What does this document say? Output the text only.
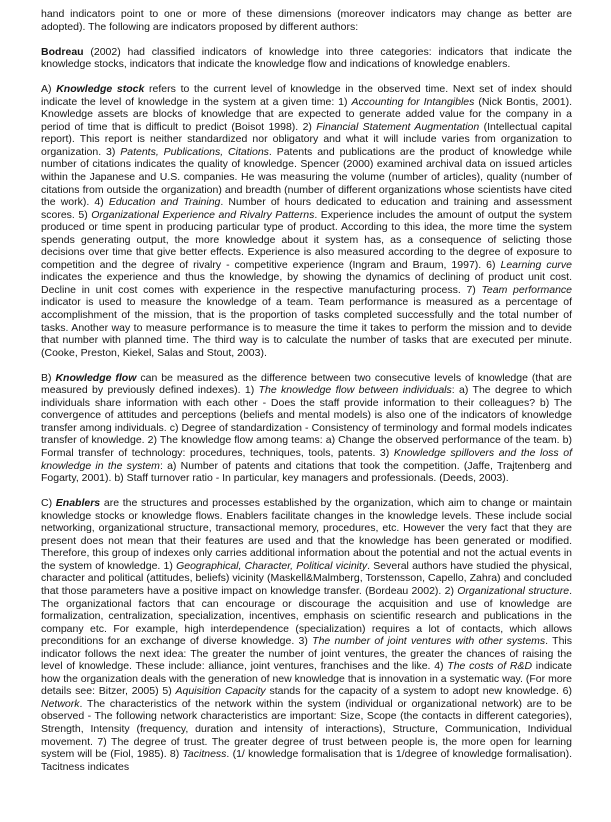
hand indicators point to one or more of these dimensions (moreover indicators may change as better are adopted). The following are indicators proposed by different authors:

Bodreau (2002) had classified indicators of knowledge into three categories: indicators that indicate the knowledge stocks, indicators that indicate the knowledge flow and indications of knowledge enablers.

A) Knowledge stock refers to the current level of knowledge in the observed time. Next set of index should indicate the level of knowledge in the system at a given time: 1) Accounting for Intangibles (Nick Bontis, 2001). Knowledge assets are blocks of knowledge that are expected to generate added value for the company in a period of time that is difficult to predict (Boisot 1998). 2) Financial Statement Augmentation (Intellectual capital report). This report is neither standardized nor obligatory and what it will include varies from organization to organization. 3) Patents, Publications, Citations. Patents and publications are the product of knowledge while number of citations indicates the quality of knowledge. Spencer (2000) examined archival data on issued articles within the Japanese and U.S. companies. He was measuring the volume (number of articles), quality (number of citations from outside the organization) and breadth (number of different organizations whose scientists have cited the work). 4) Education and Training. Number of hours dedicated to education and training and assessment scores. 5) Organizational Experience and Rivalry Patterns. Experience includes the amount of output the system produced or time spent in producing particular type of product. According to this idea, the more time the system spends generating output, the more knowledge about it system has, as a consequence of selicting those decisions over time that give better effects. Experience is also measured according to the degree of exposure to competition and the degree of rivalry - competitive experience (Ingram and Braum, 1997). 6) Learning curve indicates the experience and thus the knowledge, by showing the dynamics of declining of product unit cost. Decline in unit cost comes with experience in the respective manufacturing process. 7) Team performance indicator is used to measure the knowledge of a team. Team performance is measured as a percentage of accomplishment of the mission, that is the proportion of tasks completed successfully and the total number of tasks. Another way to measure performance is to measure the time it takes to perform the mission and to devide that number with planned time. The third way is to calculate the number of tasks that are executed per minute. (Cooke, Preston, Kiekel, Salas and Stout, 2003).

B) Knowledge flow can be measured as the difference between two consecutive levels of knowledge (that are measured by previously defined indexes). 1) The knowledge flow between individuals: a) The degree to which individuals share information with each other - Does the staff provide information to their colleagues? b) The convergence of attitudes and perceptions (beliefs and mental models) is also one of the indicators of knowledge transfer among individuals. c) Degree of standardization - Consistency of terminology and formal models indicates transfer of knowledge. 2) The knowledge flow among teams: a) Change the observed performance of the team. b) Formal transfer of technology: procedures, techniques, tools, patents. 3) Knowledge spillovers and the loss of knowledge in the system: a) Number of patents and citations that took the competition. (Jaffe, Trajtenberg and Fogarty, 2001). b) Staff turnover ratio - In particular, key managers and professionals. (Deeds, 2003).

C) Enablers are the structures and processes established by the organization, which aim to change or maintain knowledge stocks or knowledge flows. Enablers facilitate changes in the knowledge levels. These include social networking, organizational structure, transactional memory, procedures, etc. However the very fact that they are present does not mean that their features are used and that the knowledge has been generated or modified. Therefore, this group of indexes only carries additional information about the potential and not the actual events in the system of knowledge. 1) Geographical, Character, Political vicinity. Several authors have studied the physical, character and political (attitudes, beliefs) vicinity (Maskell&Malmberg, Torstensson, Capello, Zahra) and concluded that those parameters have a positive impact on knowledge transfer. (Bordeau 2002). 2) Organizational structure. The organizational factors that can encourage or discourage the acquisition and use of knowledge are formalization, centralization, specialization, incentives, emphasis on scientific research and publications in the company etc. For example, high interdependence (specialization) requires a lot of contacts, which allows preconditions for an exchange of diverse knowledge. 3) The number of joint ventures with other systems. This indicator follows the next idea: The greater the number of joint ventures, the greater the chances of raising the level of knowledge. These include: alliance, joint ventures, franchises and the like. 4) The costs of R&D indicate how the organization deals with the generation of new knowledge that is innovation in a systematic way. (For more details see: Bitzer, 2005) 5) Aquisition Capacity stands for the capacity of a system to adopt new knowledge. 6) Network. The characteristics of the network within the system (individual or organizational network) are to be observed - The following network characteristics are important: Size, Scope (the contacts in different categories), Strength, Intensity (frequency, duration and intensity of interactions), Structure, Communication, Individual movement. 7) The degree of trust. The greater degree of trust between people is, the more open for learning system will be (Fiol, 1985). 8) Tacitness. (1/ knowledge formalisation that is 1/degree of knowledge formalisation). Tacitness indicates
